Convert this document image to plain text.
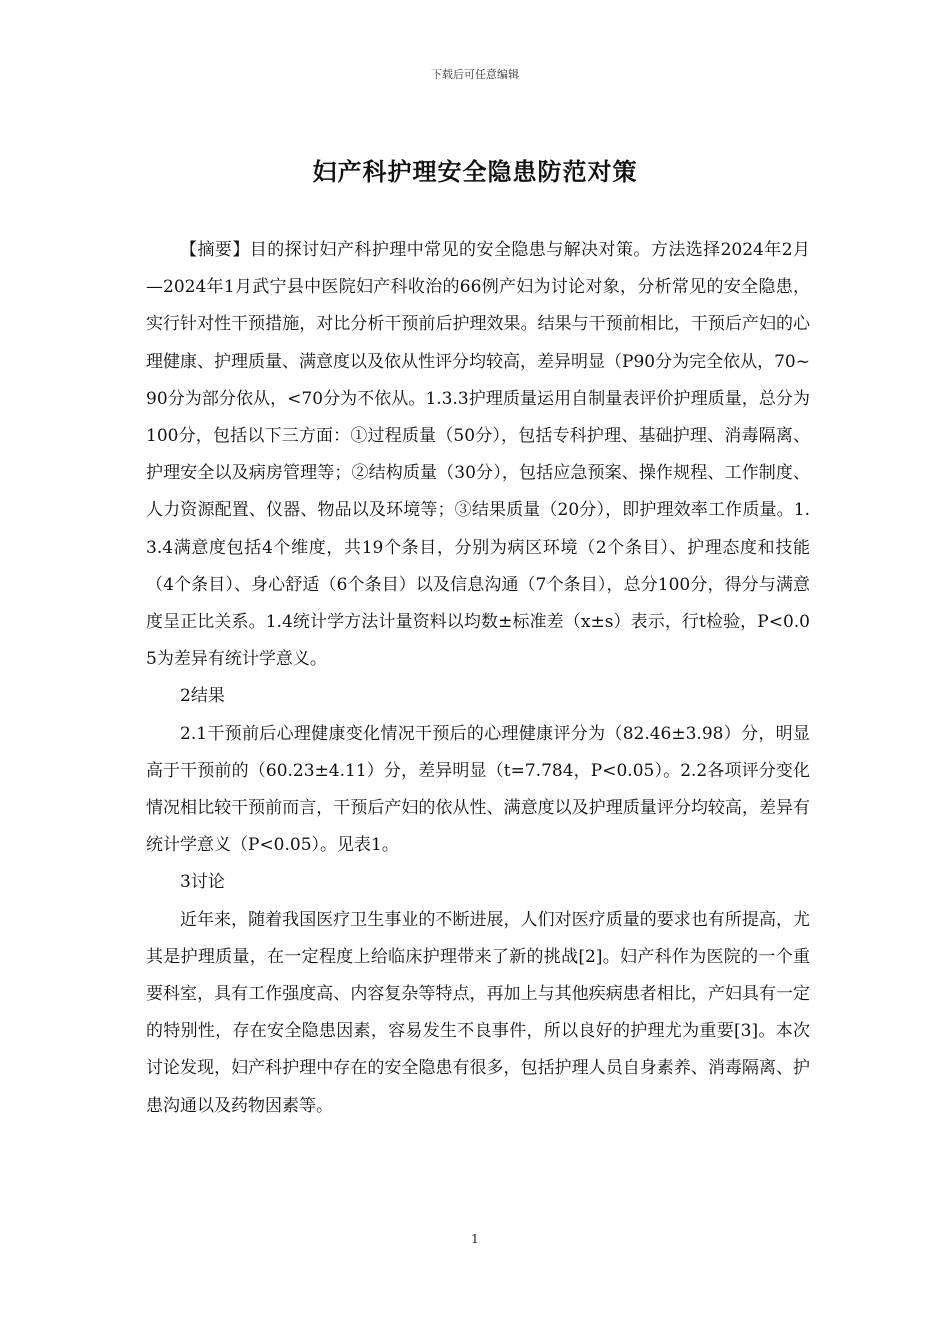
下载后可任意编辑
妇产科护理安全隐患防范对策

【摘要】目的探讨妇产科护理中常见的安全隐患与解决对策。方法选择2024年2月—2024年1月武宁县中医院妇产科收治的66例产妇为讨论对象，分析常见的安全隐患，实行针对性干预措施，对比分析干预前后护理效果。结果与干预前相比，干预后产妇的心理健康、护理质量、满意度以及依从性评分均较高，差异明显（P90分为完全依从，70~90分为部分依从，<70分为不依从。1.3.3护理质量运用自制量表评价护理质量，总分为100分，包括以下三方面：①过程质量（50分），包括专科护理、基础护理、消毒隔离、护理安全以及病房管理等；②结构质量（30分），包括应急预案、操作规程、工作制度、人力资源配置、仪器、物品以及环境等；③结果质量（20分），即护理效率工作质量。1.3.4满意度包括4个维度，共19个条目，分别为病区环境（2个条目）、护理态度和技能（4个条目）、身心舒适（6个条目）以及信息沟通（7个条目），总分100分，得分与满意度呈正比关系。1.4统计学方法计量资料以均数±标准差（x±s）表示，行t检验，P<0.05为差异有统计学意义。

2结果

2.1干预前后心理健康变化情况干预后的心理健康评分为（82.46±3.98）分，明显高于干预前的（60.23±4.11）分，差异明显（t=7.784，P<0.05）。2.2各项评分变化情况相比较干预前而言，干预后产妇的依从性、满意度以及护理质量评分均较高，差异有统计学意义（P<0.05）。见表1。

3讨论

近年来，随着我国医疗卫生事业的不断进展，人们对医疗质量的要求也有所提高，尤其是护理质量，在一定程度上给临床护理带来了新的挑战[2]。妇产科作为医院的一个重要科室，具有工作强度高、内容复杂等特点，再加上与其他疾病患者相比，产妇具有一定的特别性，存在安全隐患因素，容易发生不良事件，所以良好的护理尤为重要[3]。本次讨论发现，妇产科护理中存在的安全隐患有很多，包括护理人员自身素养、消毒隔离、护患沟通以及药物因素等。

1
